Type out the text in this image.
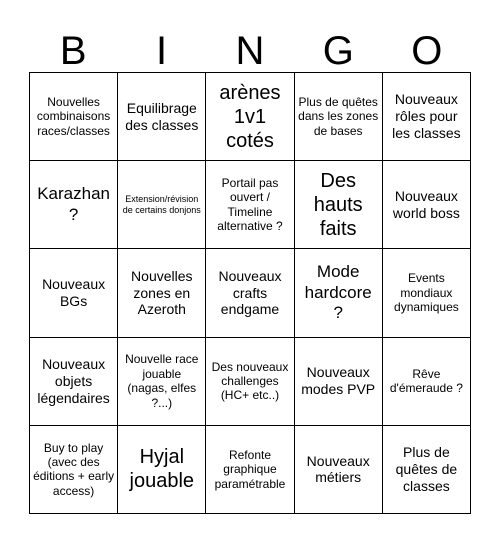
B	I	N	G	O
Nouvelles combinaisons races/classes
Equilibrage des classes
arènes 1v1 cotés
Plus de quêtes dans les zones de bases
Nouveaux rôles pour les classes
Karazhan ?
Extension/révision de certains donjons
Portail pas ouvert / Timeline alternative ?
Des hauts faits
Nouveaux world boss
Nouveaux BGs
Nouvelles zones en Azeroth
Nouveaux crafts endgame
Mode hardcore ?
Events mondiaux dynamiques
Nouveaux objets légendaires
Nouvelle race jouable (nagas, elfes ?...)
Des nouveaux challenges (HC+ etc..)
Nouveaux modes PVP
Rêve d'émeraude ?
Buy to play (avec des éditions + early access)
Hyjal jouable
Refonte graphique paramétrable
Nouveaux métiers
Plus de quêtes de classes
